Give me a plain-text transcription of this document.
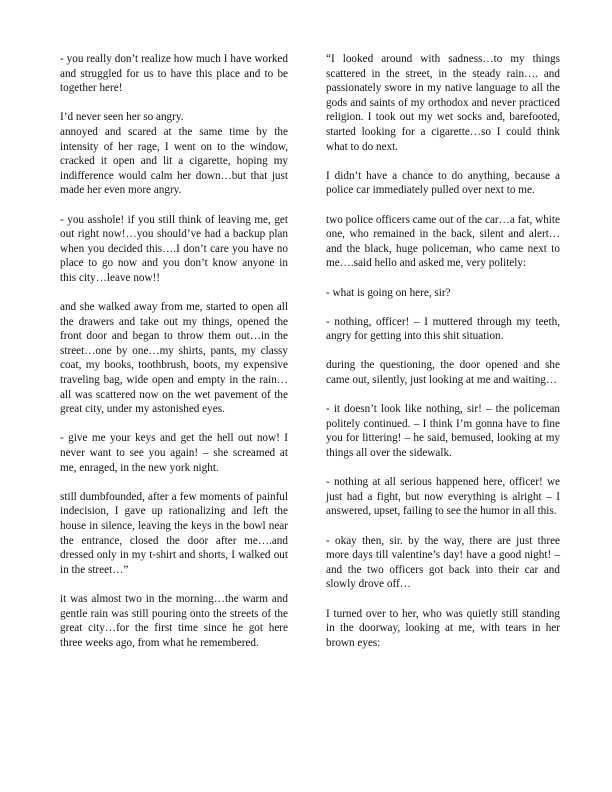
- you really don’t realize how much I have worked and struggled for us to have this place and to be together here!

I’d never seen her so angry.
annoyed and scared at the same time by the intensity of her rage, I went on to the window, cracked it open and lit a cigarette, hoping my indifference would calm her down…but that just made her even more angry.

- you asshole! if you still think of leaving me, get out right now!…you should’ve had a backup plan when you decided this….I don’t care you have no place to go now and you don’t know anyone in this city…leave now!!

and she walked away from me, started to open all the drawers and take out my things, opened the front door and began to throw them out…in the street…one by one…my shirts, pants, my classy coat, my books, toothbrush, boots, my expensive traveling bag, wide open and empty in the rain…all was scattered now on the wet pavement of the great city, under my astonished eyes.

- give me your keys and get the hell out now! I never want to see you again! – she screamed at me, enraged, in the new york night.

still dumbfounded, after a few moments of painful indecision, I gave up rationalizing and left the house in silence, leaving the keys in the bowl near the entrance, closed the door after me….and dressed only in my t-shirt and shorts, I walked out in the street…”

it was almost two in the morning…the warm and gentle rain was still pouring onto the streets of the great city…for the first time since he got here three weeks ago, from what he remembered.

“I looked around with sadness…to my things scattered in the street, in the steady rain…. and passionately swore in my native language to all the gods and saints of my orthodox and never practiced religion. I took out my wet socks and, barefooted, started looking for a cigarette…so I could think what to do next.

I didn’t have a chance to do anything, because a police car immediately pulled over next to me.

two police officers came out of the car…a fat, white one, who remained in the back, silent and alert…and the black, huge policeman, who came next to me….said hello and asked me, very politely:

- what is going on here, sir?

- nothing, officer! – I muttered through my teeth, angry for getting into this shit situation.

during the questioning, the door opened and she came out, silently, just looking at me and waiting…

- it doesn’t look like nothing, sir! – the policeman politely continued. – I think I’m gonna have to fine you for littering! – he said, bemused, looking at my things all over the sidewalk.

- nothing at all serious happened here, officer! we just had a fight, but now everything is alright – I answered, upset, failing to see the humor in all this.

- okay then, sir. by the way, there are just three more days till valentine’s day! have a good night! – and the two officers got back into their car and slowly drove off…

I turned over to her, who was quietly still standing in the doorway, looking at me, with tears in her brown eyes:
